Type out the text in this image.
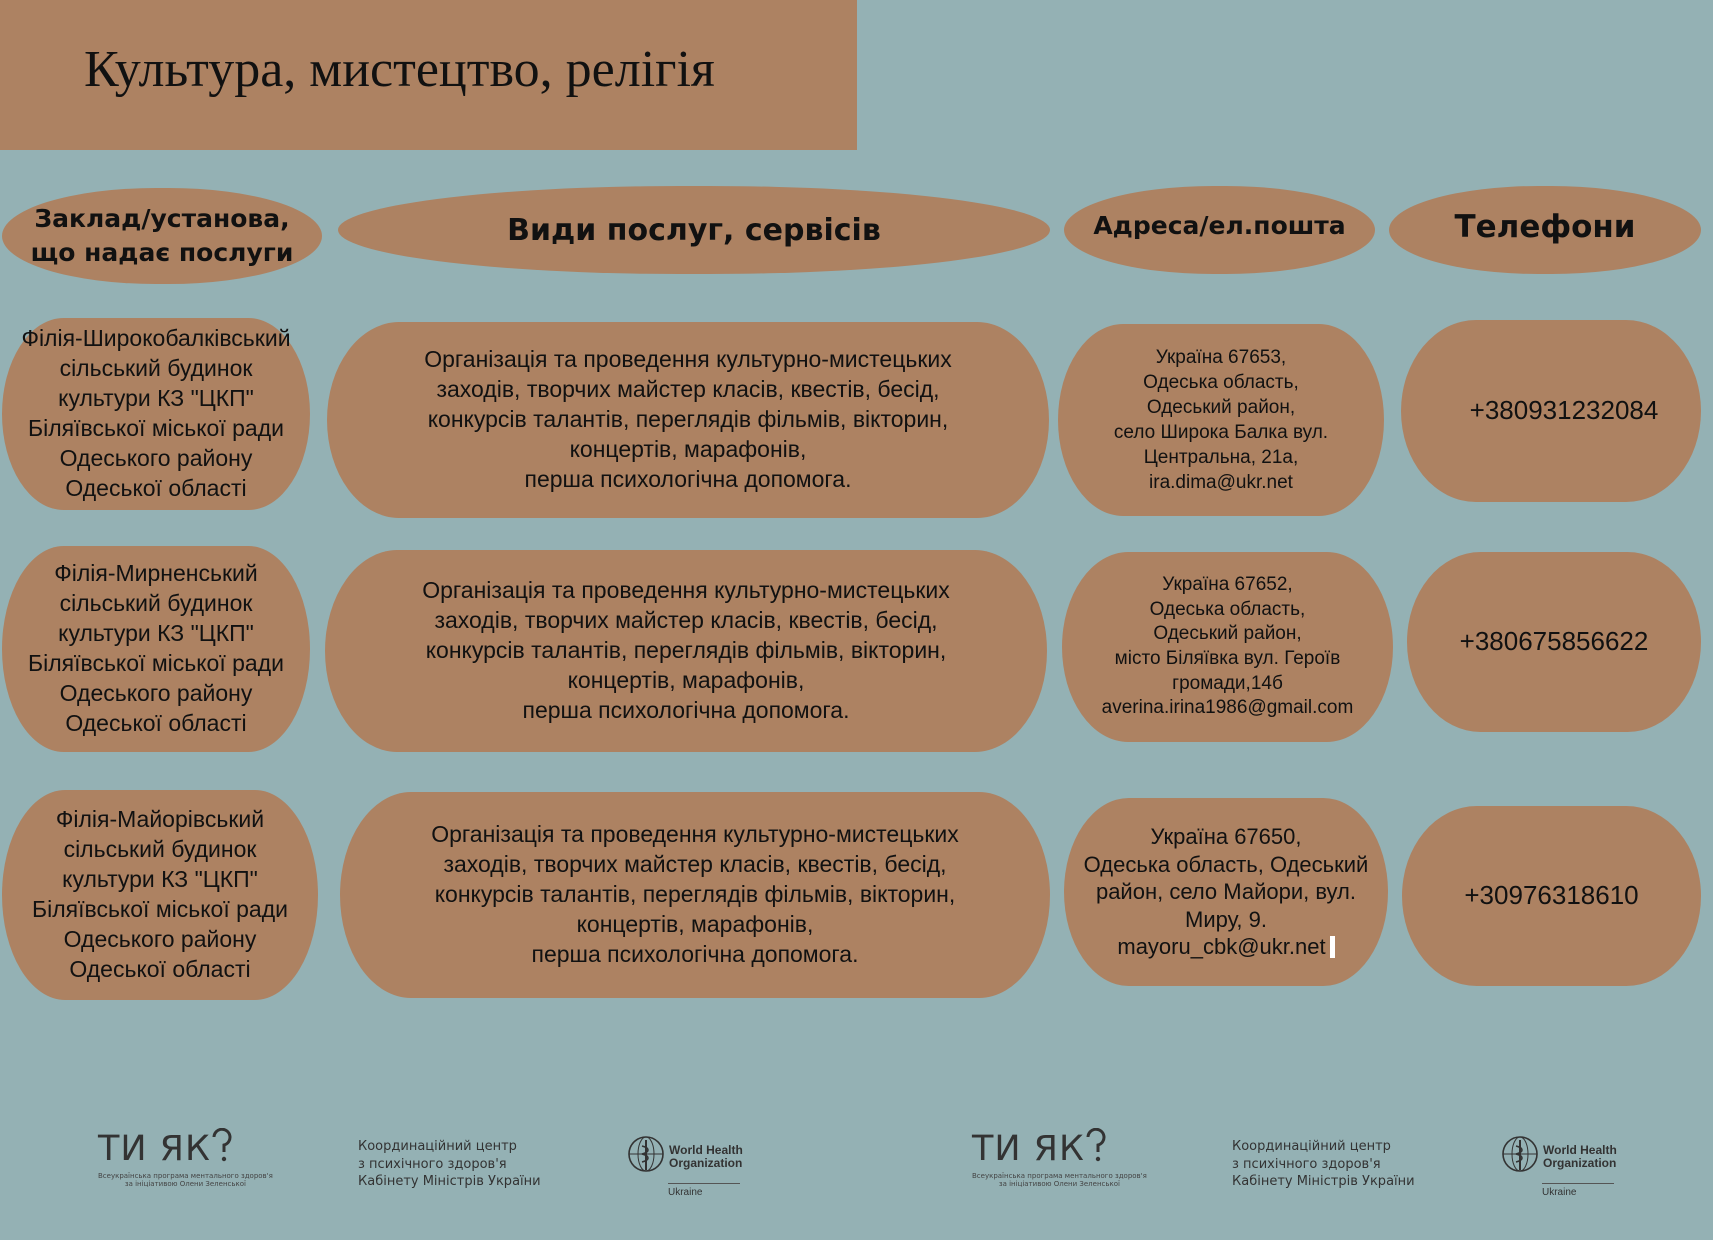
Культура, мистецтво, релігія
Заклад/установа,
що надає послуги
Види послуг, сервісів	Адреса/ел.пошта	Телефони
Філія-Широкобалківський
сільський будинок
культури КЗ "ЦКП"
Біляївської міської ради
Одеського району
Одеської області
Організація та проведення культурно-мистецьких
заходів, творчих майстер класів, квестів, бесід,
конкурсів талантів, переглядів фільмів, вікторин,
концертів, марафонів,
перша психологічна допомога.
Україна 67653,
Одеська область,
Одеський район,
село Широка Балка вул.
Центральна, 21а,
ira.dima@ukr.net
+380931232084
Філія-Мирненський
сільський будинок
культури КЗ "ЦКП"
Біляївської міської ради
Одеського району
Одеської області
Організація та проведення культурно-мистецьких
заходів, творчих майстер класів, квестів, бесід,
конкурсів талантів, переглядів фільмів, вікторин,
концертів, марафонів,
перша психологічна допомога.
Україна 67652,
Одеська область,
Одеський район,
місто Біляївка вул. Героїв
громади,14б
averina.irina1986@gmail.com
+380675856622
Філія-Майорівський
сільський будинок
культури КЗ "ЦКП"
Біляївської міської ради
Одеського району
Одеської області
Організація та проведення культурно-мистецьких
заходів, творчих майстер класів, квестів, бесід,
конкурсів талантів, переглядів фільмів, вікторин,
концертів, марафонів,
перша психологічна допомога.
Україна 67650,
Одеська область, Одеський
район, село Майори, вул.
Миру, 9.
mayoru_cbk@ukr.net
+30976318610
ТИ ЯК
Всеукраїнська програма ментального здоров'я
за ініціативою Олени Зеленської
Координаційний центр
з психічного здоров'я
Кабінету Міністрів України
World Health
Organization
Ukraine
ТИ ЯК
Всеукраїнська програма ментального здоров'я
за ініціативою Олени Зеленської
Координаційний центр
з психічного здоров'я
Кабінету Міністрів України
World Health
Organization
Ukraine
